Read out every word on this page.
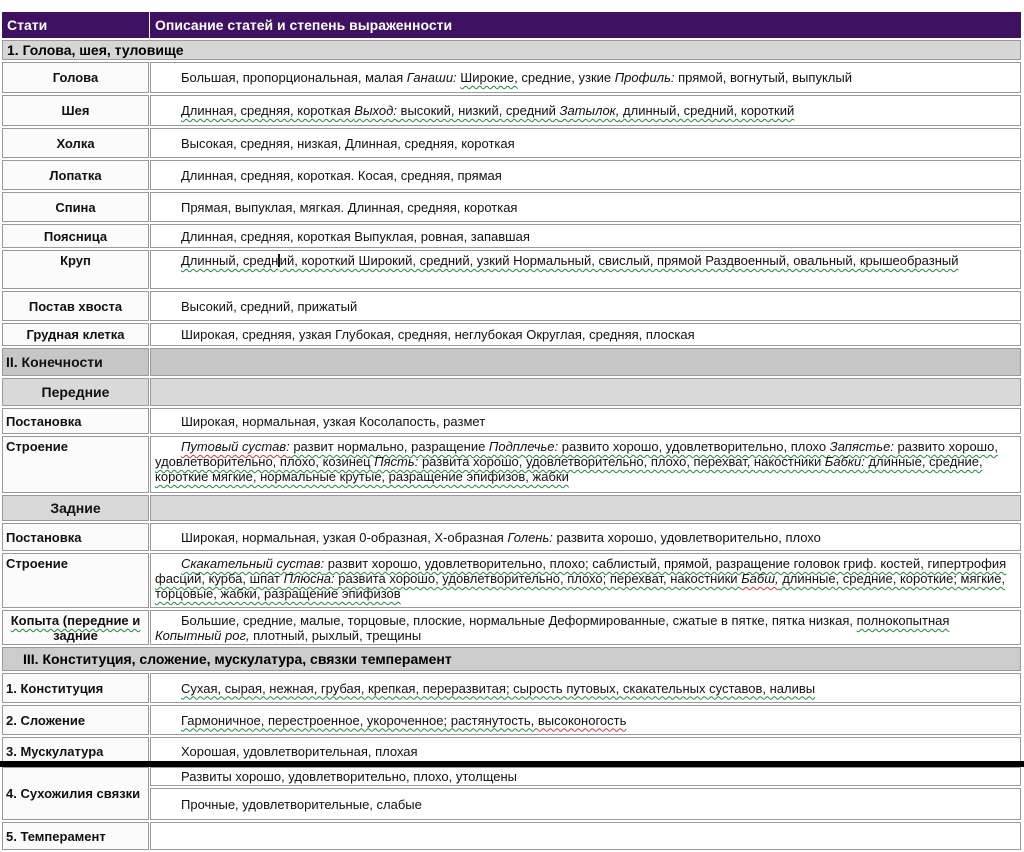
Стати	Описание статей и степень выраженности
1. Голова, шея, туловище	
Голова	Большая, пропорциональная, малая Ганаши: Широкие, средние, узкие Профиль: прямой, вогнутый, выпуклый
Шея	Длинная, средняя, короткая Выход: высокий, низкий, средний Затылок, длинный, средний, короткий
Холка	Высокая, средняя, низкая, Длинная, средняя, короткая
Лопатка	Длинная, средняя, короткая. Косая, средняя, прямая
Спина	Прямая, выпуклая, мягкая. Длинная, средняя, короткая
Поясница	Длинная, средняя, короткая Выпуклая, ровная, запавшая
Круп	Длинный, средн ий, короткий Широкий, средний, узкий Нормальный, свислый, прямой Раздвоенный, овальный, крышеобразный
Постав хвоста	Высокий, средний, прижатый
Грудная клетка	Широкая, средняя, узкая Глубокая, средняя, неглубокая Округлая, средняя, плоская
II. Конечности	
Передние	
Постановка	Широкая, нормальная, узкая Косолапость, размет
Строение	Путовый сустав: развит нормально, разращение Подплечье: развито хорошо, удовлетворительно, плохо Запястье: развито хорошо, удовлетворительно, плохо, козинец Пясть: развита хорошо, удовлетворительно, плохо, перехват, накостники Бабки: длинные, средние, короткие мягкие, нормальные крутые, разращение эпифизов, жабки
Задние	
Постановка	Широкая, нормальная, узкая 0-образная, Х-образная Голень: развита хорошо, удовлетворительно, плохо
Строение	Скакательный сустав: развит хорошо, удовлетворительно, плохо; саблистый, прямой, разращение головок гриф. костей, гипертрофия фасций, курба, шпат Плюсна: развита хорошо, удовлетворительно, плохо; перехват, накостники Бабш, длинные, средние, короткие; мягкие, торцовые, жабки, разращение эпифизов
Копыта (передние и задние	Большие, средние, малые, торцовые, плоские, нормальные Деформированные, сжатые в пятке, пятка низкая, полнокопытная Копытный рог, плотный, рыхлый, трещины
III. Конституция, сложение, мускулатура, связки темперамент	
1. Конституция	Сухая, сырая, нежная, грубая, крепкая, переразвитая; сырость путовых, скакательных суставов, наливы
2. Сложение	Гармоничное, перестроенное, укороченное; растянутость, высоконогость
3. Мускулатура	Хорошая, удовлетворительная, плохая
4. Сухожилия связки	Развиты хорошо, удовлетворительно, плохо, утолщены
	Прочные, удовлетворительные, слабые
5. Темперамент	
